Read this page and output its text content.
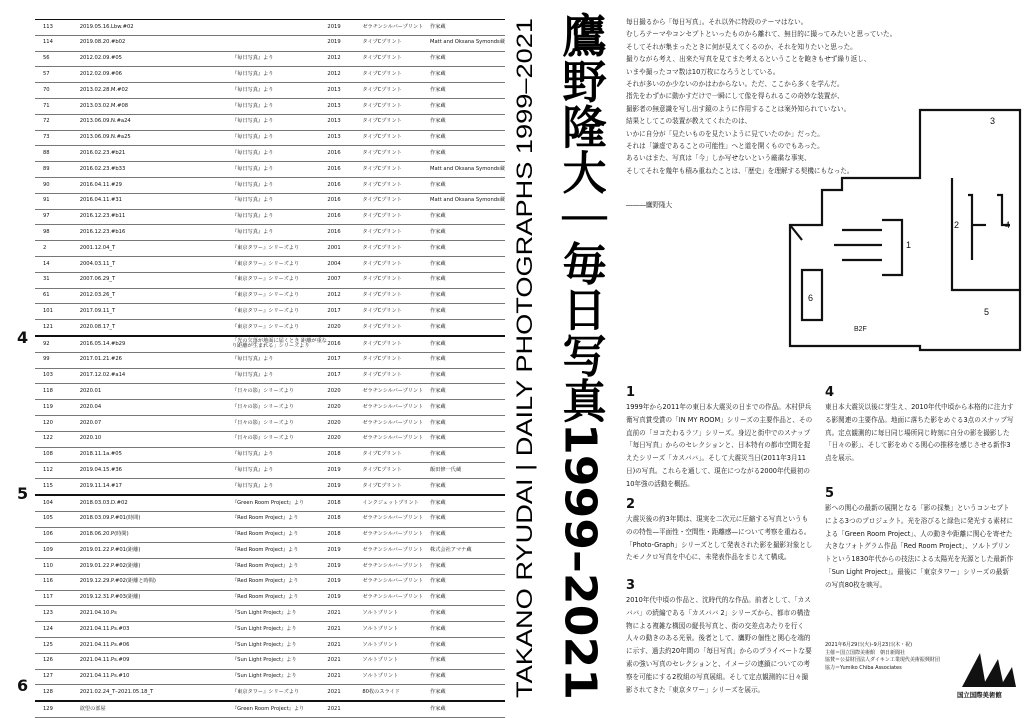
113	2019.05.16.Lbw.#02		2019	ゼラチンシルバープリント	作家蔵
114	2019.08.20.#b02		2019	タイプCプリント	Matt and Oksana Symonds蔵
56	2012.02.09.#05	『毎日写真』より	2012	タイプCプリント	作家蔵
57	2012.02.09.#06	『毎日写真』より	2012	タイプCプリント	作家蔵
70	2013.02.28.M.#02	『毎日写真』より	2013	タイプCプリント	作家蔵
71	2013.03.02.M.#08	『毎日写真』より	2013	タイプCプリント	作家蔵
72	2013.06.09.N.#a24	『毎日写真』より	2013	タイプCプリント	作家蔵
73	2013.06.09.N.#a25	『毎日写真』より	2013	タイプCプリント	作家蔵
88	2016.02.23.#b21	『毎日写真』より	2016	タイプCプリント	作家蔵
89	2016.02.23.#b33	『毎日写真』より	2016	タイプCプリント	Matt and Oksana Symonds蔵
90	2016.04.11.#29	『毎日写真』より	2016	タイプCプリント	作家蔵
91	2016.04.11.#31	『毎日写真』より	2016	タイプCプリント	Matt and Oksana Symonds蔵
97	2016.12.23.#b11	『毎日写真』より	2016	タイプCプリント	作家蔵
98	2016.12.23.#b16	『毎日写真』より	2016	タイプCプリント	作家蔵
2	2001.12.04_T	『東京タワー』シリーズより	2001	タイプCプリント	作家蔵
14	2004.03.11_T	『東京タワー』シリーズより	2004	タイプCプリント	作家蔵
31	2007.06.29_T	『東京タワー』シリーズより	2007	タイプCプリント	作家蔵
61	2012.03.26_T	『東京タワー』シリーズより	2012	タイプCプリント	作家蔵
101	2017.09.11_T	『東京タワー』シリーズより	2017	タイプCプリント	作家蔵
121	2020.08.17_T	『東京タワー』シリーズより	2020	タイプCプリント	作家蔵
92	2016.05.14.#b29	「光の欠落が地面に届くとき 距離が重なり距離が生まれる」シリーズより	2016	タイプCプリント	作家蔵
99	2017.01.21.#26	『毎日写真』より	2017	タイプCプリント	作家蔵
103	2017.12.02.#a14	『毎日写真』より	2017	タイプCプリント	作家蔵
118	2020.01	『日々の影』シリーズより	2020	ゼラチンシルバープリント	作家蔵
119	2020.04	『日々の影』シリーズより	2020	ゼラチンシルバープリント	作家蔵
120	2020.07	『日々の影』シリーズより	2020	ゼラチンシルバープリント	作家蔵
122	2020.10	『日々の影』シリーズより	2020	ゼラチンシルバープリント	作家蔵
108	2018.11.1a.#05	『毎日写真』より	2018	タイプCプリント	作家蔵
112	2019.04.15.#36	『毎日写真』より	2019	タイプCプリント	飯田修一氏蔵
115	2019.11.14.#17	『毎日写真』より	2019	タイプCプリント	作家蔵
104	2018.03.03.D.#02	『Green Room Project』より	2018	インクジェットプリント	作家蔵
105	2018.03.09.P.#01(時間)	『Red Room Project』より	2018	ゼラチンシルバープリント	作家蔵
106	2018.06.20.P(時間)	『Red Room Project』より	2018	ゼラチンシルバープリント	作家蔵
109	2019.01.22.P.#01(距離)	『Red Room Project』より	2019	ゼラチンシルバープリント	株式会社アマナ蔵
110	2019.01.22.P.#02(距離)	『Red Room Project』より	2019	ゼラチンシルバープリント	作家蔵
116	2019.12.29.P.#02(距離と時間)	『Red Room Project』より	2019	ゼラチンシルバープリント	作家蔵
117	2019.12.31.P.#03(距離)	『Red Room Project』より	2019	ゼラチンシルバープリント	作家蔵
123	2021.04.10.Ps	『Sun Light Project』より	2021	ソルトプリント	作家蔵
124	2021.04.11.Ps.#03	『Sun Light Project』より	2021	ソルトプリント	作家蔵
125	2021.04.11.Ps.#06	『Sun Light Project』より	2021	ソルトプリント	作家蔵
126	2021.04.11.Ps.#09	『Sun Light Project』より	2021	ソルトプリント	作家蔵
127	2021.04.11.Ps.#10	『Sun Light Project』より	2021	ソルトプリント	作家蔵
128	2021.02.24_T–2021.05.18_T	『東京タワー』シリーズより	2021	80枚のスライド	作家蔵
129	欲望の部屋	『Green Room Project』より	2021		作家蔵
4
5
6
鷹野隆大｜毎日写真 1999–2021
TAKANO RYUDAI | DAILY PHOTOGRAPHS 1999–2021

毎日撮るから「毎日写真」。それ以外に特段のテーマはない。

むしろテーマやコンセプトといったものから離れて、無目的に撮ってみたいと思っていた。

そしてそれが集まったときに何が見えてくるのか、それを知りたいと思った。

撮りながら考え、出来た写真を見てまた考えるということを飽きもせず繰り返し、

いまや撮ったコマ数は10万枚になろうとしている。

それが多いのか少ないのかはわからない。ただ、ここから多くを学んだ。

指先をわずかに動かすだけで一瞬にして像を得られるこの奇妙な装置が、

撮影者の無意識を写し出す鏡のように作用することは案外知られていない。

結果としてこの装置が教えてくれたのは、

いかに自分が「見たいものを見たいように見ていたのか」だった。

それは「謙虚であることの可能性」へと道を開くものでもあった。

あるいはまた、写真は「今」しか写せないという厳粛な事実、

そしてそれを幾年も積み重ねたことは、「歴史」を理解する契機にもなった。

―――鷹野隆大
3
2	4
1
5
6
B2F
1

1999年から2011年の東日本大震災の日までの作品。木村伊兵衛写真賞受賞の「IN MY ROOM」シリーズの主要作品と、その直前の「ヨコたわるラフ」シリーズ。身辺と街中でのスナップ「毎日写真」からのセレクションと、日本特有の都市空間を捉えたシリーズ「カスババ」。そして大震災当日(2011年3月11日)の写真。これらを通して、現在につながる2000年代最初の10年強の活動を概括。

2

大震災後の約3年間は、現実を二次元に圧縮する写真というものの特性—平面性・空間性・距離感—について考察を重ねる。「Photo-Graph」シリーズとして発表された影を撮影対象としたモノクロ写真を中心に、未発表作品をまじえて構成。

3

2010年代中頃の作品と、沈時代的な作品。前者として、「カスババ」の続編である「カスババ 2」シリーズから、都市の構造物による複雑な構図の縦長写真と、街の交差点あたりを行く人々の動きのある光景。後者として、鷹野の個性と関心を端的に示す、過去約20年間の「毎日写真」からのプライベートな要素の強い写真のセレクションと、イメージの連鎖についての考察を可能にする2枚組の写真展組。そして定点観測的に日々撮影されてきた「東京タワー」シリーズを展示。

4

東日本大震災以後に芽生え、2010年代中頃から本格的に注力する影関連の主要作品。地面に落ちた影をめぐる3点のスナップ写真。定点観測的に毎日同じ場所同じ時刻に自分の影を撮影した「日々の影」、そして影をめぐる関心の推移を感じさせる新作3点を展示。

5

影への関心の最新の展開となる「影の採集」というコンセプトによる3つのプロジェクト。光を浴びると緑色に発光する素材による「Green Room Project」、人の動きや距離に関心を寄せた大きなフォトグラム作品「Red Room Project」、ソルトプリントという1830年代からの技法による太陽光を光源とした最新作「Sun Light Project」。最後に「東京タワー」シリーズの最新の写真80枚を映写。

2021年6月29日(火)–9月23日(木・祝)
主催＝国立国際美術館　朝日新聞社
協賛＝公益財団法人ダイキン工業現代美術振興財団
協力＝Yumiko Chiba Associates
国立国際美術館
